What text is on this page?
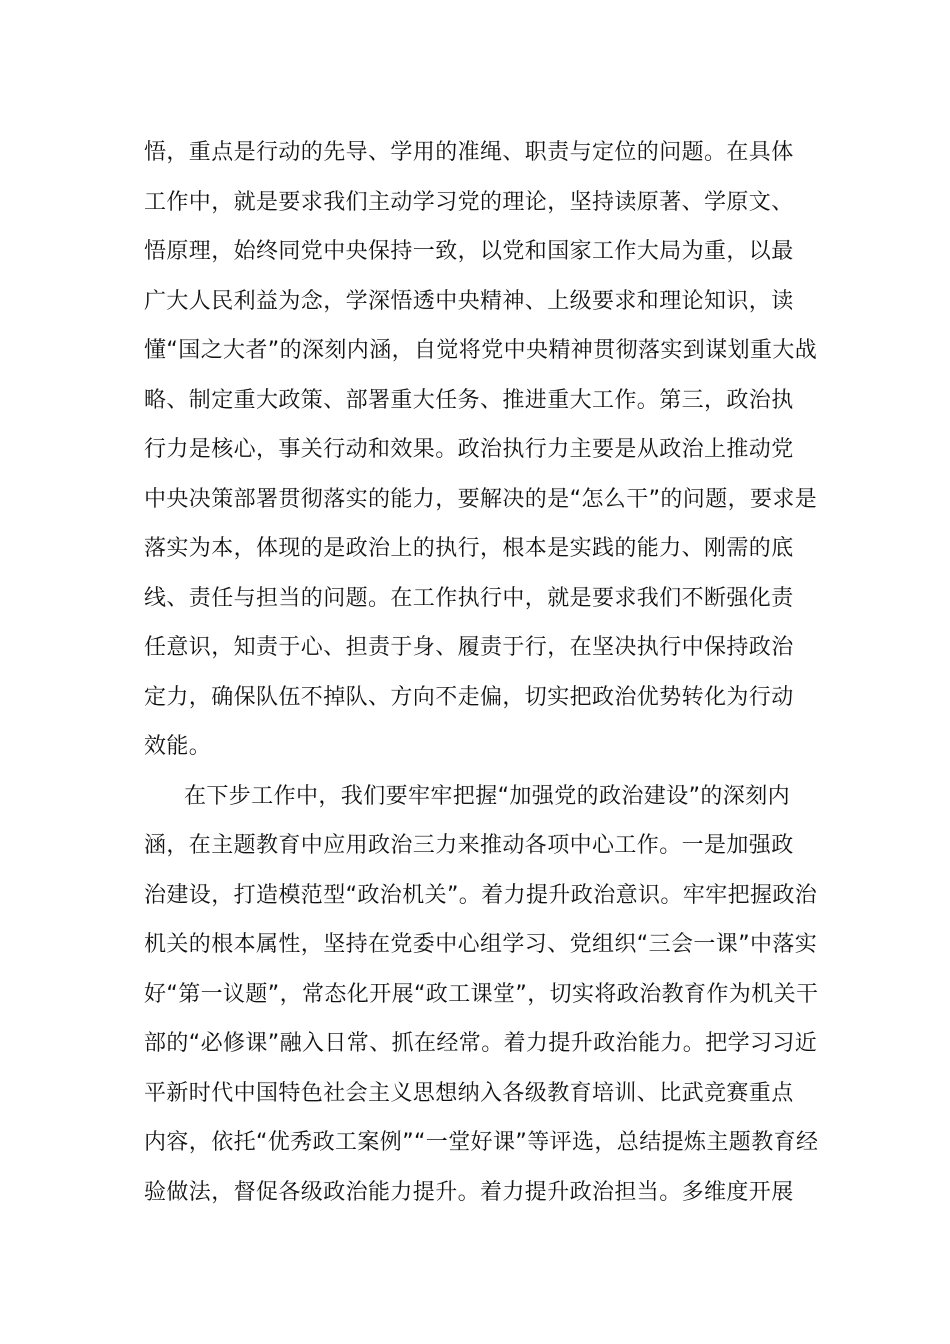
悟，重点是行动的先导、学用的准绳、职责与定位的问题。在具体
工作中，就是要求我们主动学习党的理论，坚持读原著、学原文、
悟原理，始终同党中央保持一致，以党和国家工作大局为重，以最
广大人民利益为念，学深悟透中央精神、上级要求和理论知识，读
懂“国之大者”的深刻内涵，自觉将党中央精神贯彻落实到谋划重大战
略、制定重大政策、部署重大任务、推进重大工作。第三，政治执
行力是核心，事关行动和效果。政治执行力主要是从政治上推动党
中央决策部署贯彻落实的能力，要解决的是“怎么干”的问题，要求是
落实为本，体现的是政治上的执行，根本是实践的能力、刚需的底
线、责任与担当的问题。在工作执行中，就是要求我们不断强化责
任意识，知责于心、担责于身、履责于行，在坚决执行中保持政治
定力，确保队伍不掉队、方向不走偏，切实把政治优势转化为行动
效能。
在下步工作中，我们要牢牢把握“加强党的政治建设”的深刻内
涵，在主题教育中应用政治三力来推动各项中心工作。一是加强政
治建设，打造模范型“政治机关”。着力提升政治意识。牢牢把握政治
机关的根本属性，坚持在党委中心组学习、党组织“三会一课”中落实
好“第一议题”，常态化开展“政工课堂”，切实将政治教育作为机关干
部的“必修课”融入日常、抓在经常。着力提升政治能力。把学习习近
平新时代中国特色社会主义思想纳入各级教育培训、比武竞赛重点
内容，依托“优秀政工案例”“一堂好课”等评选，总结提炼主题教育经
验做法，督促各级政治能力提升。着力提升政治担当。多维度开展
